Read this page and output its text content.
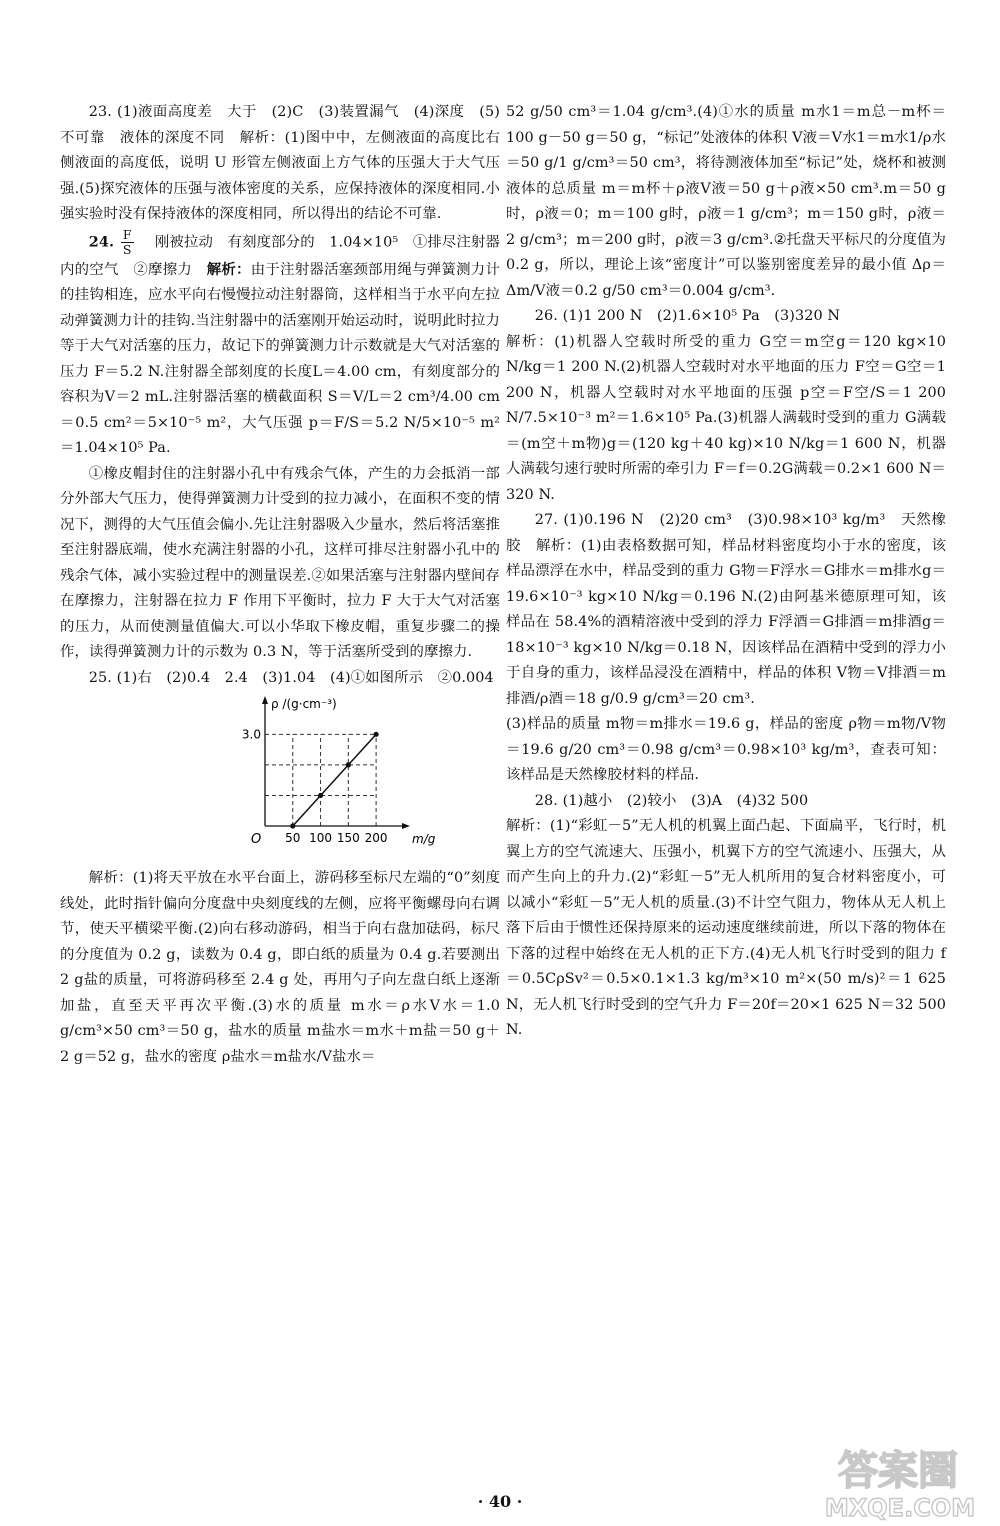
23. (1)液面高度差　大于　(2)C　(3)装置漏气　(4)深度　(5)不可靠　液体的深度不同　解析：(1)图中中，左侧液面的高度比右侧液面的高度低，说明 U 形管左侧液面上方气体的压强大于大气压强.(5)探究液体的压强与液体密度的关系，应保持液体的深度相同.小强实验时没有保持液体的深度相同，所以得出的结论不可靠.

24. $\frac{F}{S}$ 　刚被拉动　有刻度部分的　1.04×10⁵　①排尽注射器内的空气　②摩擦力　解析：由于注射器活塞颈部用绳与弹簧测力计的挂钩相连，应水平向右慢慢拉动注射器筒，这样相当于水平向左拉动弹簧测力计的挂钩.当注射器中的活塞刚开始运动时，说明此时拉力等于大气对活塞的压力，故记下的弹簧测力计示数就是大气对活塞的压力 F＝5.2 N.注射器全部刻度的长度L＝4.00 cm，有刻度部分的容积为V＝2 mL.注射器活塞的横截面积 S＝V/L＝2 cm³/4.00 cm＝0.5 cm²＝5×10⁻⁵ m²，大气压强 p＝F/S＝5.2 N/5×10⁻⁵ m²＝1.04×10⁵ Pa.

①橡皮帽封住的注射器小孔中有残余气体，产生的力会抵消一部分外部大气压力，使得弹簧测力计受到的拉力减小，在面积不变的情况下，测得的大气压值会偏小.先让注射器吸入少量水，然后将活塞推至注射器底端，使水充满注射器的小孔，这样可排尽注射器小孔中的残余气体，减小实验过程中的测量误差.②如果活塞与注射器内壁间存在摩擦力，注射器在拉力 F 作用下平衡时，拉力 F 大于大气对活塞的压力，从而使测量值偏大.可以小华取下橡皮帽，重复步骤二的操作，读得弹簧测力计的示数为 0.3 N，等于活塞所受到的摩擦力.

25. (1)右　(2)0.4　2.4　(3)1.04　(4)①如图所示　②0.004

ρ /(g·cm⁻³)
m/g
O 50 100 150 200
3.0

解析：(1)将天平放在水平台面上，游码移至标尺左端的“0”刻度线处，此时指针偏向分度盘中央刻度线的左侧，应将平衡螺母向右调节，使天平横梁平衡.(2)向右移动游码，相当于向右盘加砝码，标尺的分度值为 0.2 g，读数为 0.4 g，即白纸的质量为 0.4 g.若要测出 2 g盐的质量，可将游码移至 2.4 g 处，再用勺子向左盘白纸上逐渐加盐，直至天平再次平衡.(3)水的质量 m水＝ρ水V水＝1.0 g/cm³×50 cm³＝50 g，盐水的质量 m盐水＝m水＋m盐＝50 g＋2 g＝52 g，盐水的密度 ρ盐水＝m盐水/V盐水＝

52 g/50 cm³＝1.04 g/cm³.(4)①水的质量 m水1＝m总－m杯＝100 g－50 g＝50 g，“标记”处液体的体积 V液＝V水1＝m水1/ρ水＝50 g/1 g/cm³＝50 cm³，将待测液体加至“标记”处，烧杯和被测液体的总质量 m＝m杯＋ρ液V液＝50 g＋ρ液×50 cm³.m＝50 g时，ρ液＝0；m＝100 g时，ρ液＝1 g/cm³；m＝150 g时，ρ液＝2 g/cm³；m＝200 g时，ρ液＝3 g/cm³.②托盘天平标尺的分度值为 0.2 g，所以，理论上该“密度计”可以鉴别密度差异的最小值 Δρ＝Δm/V液＝0.2 g/50 cm³＝0.004 g/cm³.

26. (1)1 200 N　(2)1.6×10⁵ Pa　(3)320 N

解析：(1)机器人空载时所受的重力 G空＝m空g＝120 kg×10 N/kg＝1 200 N.(2)机器人空载时对水平地面的压力 F空＝G空＝1 200 N，机器人空载时对水平地面的压强 p空＝F空/S＝1 200 N/7.5×10⁻³ m²＝1.6×10⁵ Pa.(3)机器人满载时受到的重力 G满载＝(m空＋m物)g＝(120 kg＋40 kg)×10 N/kg＝1 600 N，机器人满载匀速行驶时所需的牵引力 F＝f＝0.2G满载＝0.2×1 600 N＝320 N.

27. (1)0.196 N　(2)20 cm³　(3)0.98×10³ kg/m³　天然橡胶　解析：(1)由表格数据可知，样品材料密度均小于水的密度，该样品漂浮在水中，样品受到的重力 G物＝F浮水＝G排水＝m排水g＝19.6×10⁻³ kg×10 N/kg＝0.196 N.(2)由阿基米德原理可知，该样品在 58.4%的酒精溶液中受到的浮力 F浮酒＝G排酒＝m排酒g＝18×10⁻³ kg×10 N/kg＝0.18 N，因该样品在酒精中受到的浮力小于自身的重力，该样品浸没在酒精中，样品的体积 V物＝V排酒＝m排酒/ρ酒＝18 g/0.9 g/cm³＝20 cm³.

(3)样品的质量 m物＝m排水＝19.6 g，样品的密度 ρ物＝m物/V物＝19.6 g/20 cm³＝0.98 g/cm³＝0.98×10³ kg/m³，查表可知：该样品是天然橡胶材料的样品.

28. (1)越小　(2)较小　(3)A　(4)32 500

解析：(1)“彩虹－5”无人机的机翼上面凸起、下面扁平，飞行时，机翼上方的空气流速大、压强小，机翼下方的空气流速小、压强大，从而产生向上的升力.(2)“彩虹－5”无人机所用的复合材料密度小，可以减小“彩虹－5”无人机的质量.(3)不计空气阻力，物体从无人机上落下后由于惯性还保持原来的运动速度继续前进，所以下落的物体在下落的过程中始终在无人机的正下方.(4)无人机飞行时受到的阻力 f＝0.5CρSv²＝0.5×0.1×1.3 kg/m³×10 m²×(50 m/s)²＝1 625 N，无人机飞行时受到的空气升力 F＝20f＝20×1 625 N＝32 500 N.

· 40 ·
答案圈
MXQE.COM
